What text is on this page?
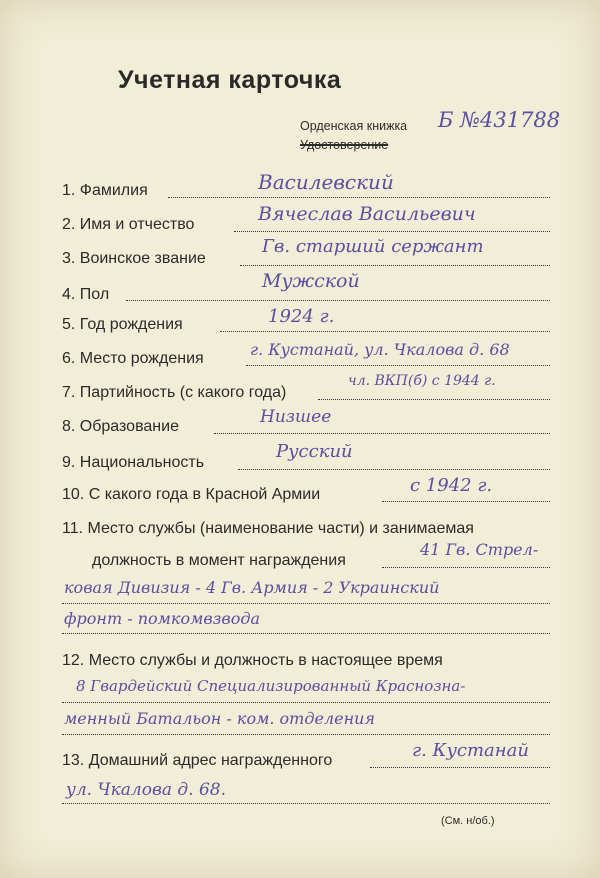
Учетная карточка
Орденская книжка Б №431788
Удостоверение
1. Фамилия	Василевский
2. Имя и отчество	Вячеслав Васильевич
3. Воинское звание
Гв. старший сержант
4. Пол
Мужской
5. Год рождения	1924 г.
6. Место рождения	г. Кустанай, ул. Чкалова д. 68
7. Партийность (с какого года)
чл. ВКП(б) с 1944 г.
8. Образование	Низшее
9. Национальность
Русский
10. С какого года в Красной Армии	с 1942 г.
11. Место службы (наименование части) и занимаемая
должность в момент награждения
41 Гв. Стрел-
ковая Дивизия - 4 Гв. Армия - 2 Украинский
фронт - помкомвзвода
12. Место службы и должность в настоящее время
8 Гвардейский Специализированный Краснозна-
менный Батальон - ком. отделения
13. Домашний адрес награжденного	г. Кустанай
ул. Чкалова д. 68.
(См. н/об.)
